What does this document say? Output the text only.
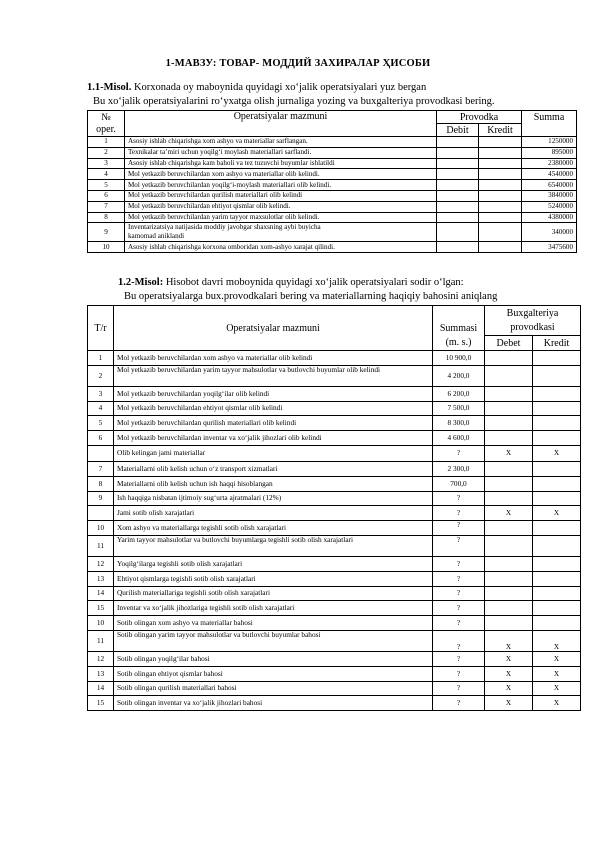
1-МАВЗУ: ТОВАР- МОДДИЙ ЗАХИРАЛАР ҲИСОБИ
1.1-Misol. Korxonada oy maboynida quyidagi xo‘jalik operatsiyalari yuz bergan
Bu xo‘jalik operatsiyalarini ro‘yxatga olish jurnaliga yozing va buxgalteriya provodkasi bering.
№	Operatsiyalar mazmuni	Provodka		Summa
oper.		Debit	Kredit	
1	Asosiy ishlab chiqarishga xom ashyo va materiallar sarflangan.			1250000
2	Texnikalar ta’miri uchun yoqilg‘i moylash materiallari sarflandi.			895000
3	Asosiy ishlab chiqarishga kam baholi va tez tuzuvchi buyumlar ishlatildi			2380000
4	Mol yetkazib beruvchilardan xom ashyo va materiallar olib kelindi.			4540000
5	Mol yetkazib beruvchilardan yoqilg‘i-moylash materiallari olib kelindi.			6540000
6	Mol yetkazib beruvchilardan qurilish materiallari olib kelindi			3840000
7	Mol yetkazib beruvchilardan ehtiyot qismlar olib kelindi.			5240000
8	Mol yetkazib beruvchilardan yarim tayyor maxsulotlar olib kelindi.			4380000
9	Inventarizatsiya natijasida moddiy javobgar shaxsning aybi buyicha
kamomad aniklandi			340000
10	Asosiy ishlab chiqarishga korxona omboridan xom-ashyo xarajat qilindi.			3475600
1.2-Misol: Hisobot davri moboynida quyidagi xo‘jalik operatsiyalari sodir o‘lgan:
Bu operatsiyalarga bux.provodkalari bering va materiallarning haqiqiy bahosini aniqlang
T/r	Operatsiyalar mazmuni		Buxgalteriya	
		Summasi	provodkasi	
		(m. s.)	Debet	Kredit
1	Mol yetkazib beruvchilardan xom ashyo va materiallar olib kelindi	10 900,0		
2	Mol yetkazib beruvchilardan yarim tayyor mahsulotlar va butlovchi buyumlar olib kelindi	4 200,0		
3	Mol yetkazib beruvchilardan yoqilg‘ilar olib kelindi	6 200,0		
4	Mol yetkazib beruvchilardan ehtiyot qismlar olib kelindi	7 500,0		
5	Mol yetkazib beruvchilardan qurilish materiallari olib kelindi	8 300,0		
6	Mol yetkazib beruvchilardan inventar va xo‘jalik jihozlari olib kelindi	4 600,0		
	Olib kelingan jami materiallar	?	X	X
7	Materiallarni olib kelish uchun o‘z transport xizmatlari	2 300,0		
8	Materiallarni olib kelish uchun ish haqqi hisoblangan	700,0		
9	Ish haqqiga nisbatan ijtimoiy sug‘urta ajratmalari (12%)	?		
	Jami sotib olish xarajatlari	?	X	X
10	Xom ashyo va materiallarga tegishli sotib olish xarajatlari	?		
11	Yarim tayyor mahsulotlar va butlovchi buyumlarga tegishli sotib olish xarajatlari	?		
12	Yoqilg‘ilarga tegishli sotib olish xarajatlari	?		
13	Ehtiyot qismlarga tegishli sotib olish xarajatlari	?		
14	Qurilish materiallariga tegishli sotib olish xarajatlari	?		
15	Inventar va xo‘jalik jihozlariga tegishli sotib olish xarajatlari	?		
10	Sotib olingan xom ashyo va materiallar bahosi	?		
11	Sotib olingan yarim tayyor mahsulotlar va butlovchi buyumlar bahosi	?	X	X
12	Sotib olingan yoqilg‘ilar bahosi	?	X	X
13	Sotib olingan ehtiyot qismlar bahosi	?	X	X
14	Sotib olingan qurilish materiallari bahosi	?	X	X
15	Sotib olingan inventar va xo‘jalik jihozlari bahosi	?	X	X
